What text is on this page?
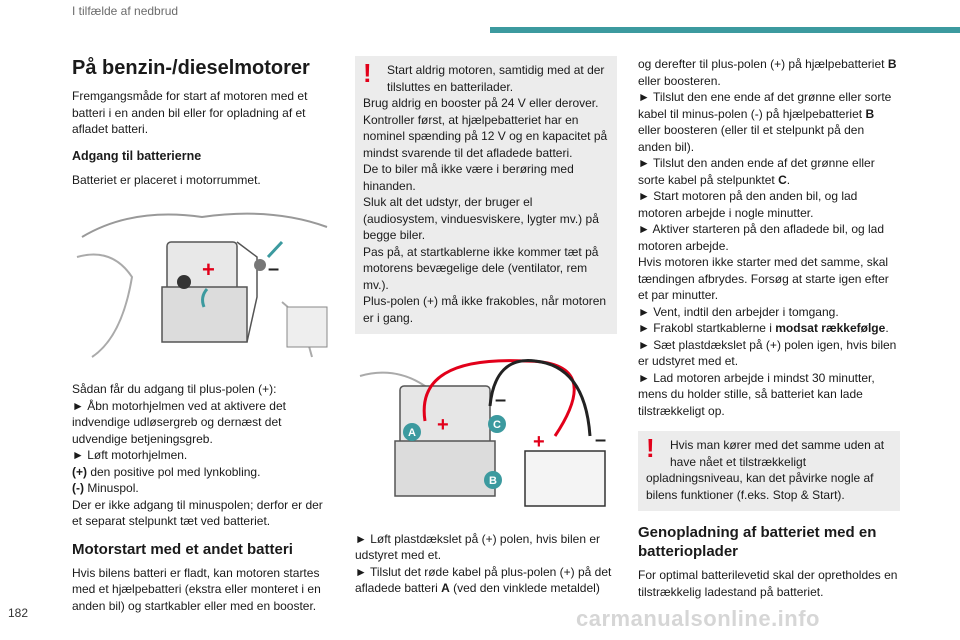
I tilfælde af nedbrud
På benzin-/dieselmotorer

Fremgangsmåde for start af motoren med et batteri i en anden bil eller for opladning af et afladet batteri.

Adgang til batterierne

Batteriet er placeret i motorrummet.

+	–

Sådan får du adgang til plus-polen (+):

► Åbn motorhjelmen ved at aktivere det indvendige udløsergreb og dernæst det udvendige betjeningsgreb.

► Løft motorhjelmen.

(+) den positive pol med lynkobling.

(-) Minuspol.

Der er ikke adgang til minuspolen; derfor er der et separat stelpunkt tæt ved batteriet.

Motorstart med et andet batteri

Hvis bilens batteri er fladt, kan motoren startes med et hjælpebatteri (ekstra eller monteret i en anden bil) og startkabler eller med en booster.

!	Start aldrig motoren, samtidig med at der tilsluttes en batterilader.

Brug aldrig en booster på 24 V eller derover.

Kontroller først, at hjælpebatteriet har en nominel spænding på 12 V og en kapacitet på mindst svarende til det afladede batteri.

De to biler må ikke være i berøring med hinanden.

Sluk alt det udstyr, der bruger el (audiosystem, vinduesviskere, lygter mv.) på begge biler.

Pas på, at startkablerne ikke kommer tæt på motorens bevægelige dele (ventilator, rem mv.).

Plus-polen (+) må ikke frakobles, når motoren er i gang.

+
–
+	–
A
C
B

► Løft plastdækslet på (+) polen, hvis bilen er udstyret med et.

► Tilslut det røde kabel på plus-polen (+) på det afladede batteri A (ved den vinklede metaldel)

og derefter til plus-polen (+) på hjælpebatteriet B eller boosteren.

► Tilslut den ene ende af det grønne eller sorte kabel til minus-polen (-) på hjælpebatteriet B eller boosteren (eller til et stelpunkt på den anden bil).

► Tilslut den anden ende af det grønne eller sorte kabel på stelpunktet C.

► Start motoren på den anden bil, og lad motoren arbejde i nogle minutter.

► Aktiver starteren på den afladede bil, og lad motoren arbejde.

Hvis motoren ikke starter med det samme, skal tændingen afbrydes. Forsøg at starte igen efter et par minutter.

► Vent, indtil den arbejder i tomgang.

► Frakobl startkablerne i modsat rækkefølge.

► Sæt plastdækslet på (+) polen igen, hvis bilen er udstyret med et.

► Lad motoren arbejde i mindst 30 minutter, mens du holder stille, så batteriet kan lade tilstrækkeligt op.

!	Hvis man kører med det samme uden at have nået et tilstrækkeligt

opladningsniveau, kan det påvirke nogle af bilens funktioner (f.eks. Stop & Start).

Genopladning af batteriet med en batterioplader

For optimal batterilevetid skal der opretholdes en tilstrækkelig ladestand på batteriet.

182	carmanualsonline.info
